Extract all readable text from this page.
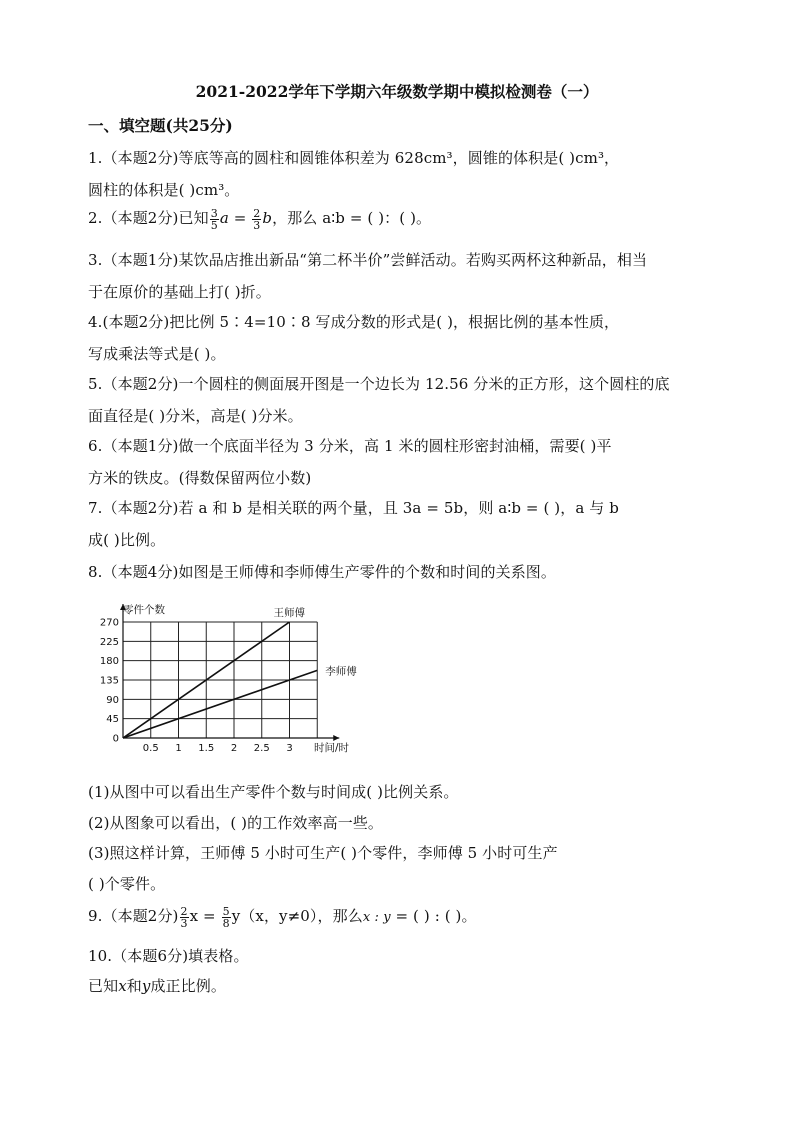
2021-2022学年下学期六年级数学期中模拟检测卷（一）
一、填空题(共25分)
1.（本题2分)等底等高的圆柱和圆锥体积差为 628cm³，圆锥的体积是( )cm³，
圆柱的体积是( )cm³。
2.（本题2分)已知 $\frac{3}{5}$ $a = \frac{2}{3}$ b，那么 a∶b = ( )：( )。
3.（本题1分)某饮品店推出新品“第二杯半价”尝鲜活动。若购买两杯这种新品，相当
于在原价的基础上打( )折。
4.(本题2分)把比例 5∶4=10∶8 写成分数的形式是( )，根据比例的基本性质，
写成乘法等式是( )。
5.（本题2分)一个圆柱的侧面展开图是一个边长为 12.56 分米的正方形，这个圆柱的底
面直径是( )分米，高是( )分米。
6.（本题1分)做一个底面半径为 3 分米，高 1 米的圆柱形密封油桶，需要( )平
方米的铁皮。(得数保留两位小数)
7.（本题2分)若 a 和 b 是相关联的两个量，且 3a = 5b，则 a∶b = ( )，a 与 b
成( )比例。
8.（本题4分)如图是王师傅和李师傅生产零件的个数和时间的关系图。
0
45
90
135
180
225
270
0.5 1 1.5 2 2.5 3
王师傅
李师傅
零件个数
时间/时
(1)从图中可以看出生产零件个数与时间成( )比例关系。
(2)从图象可以看出，( )的工作效率高一些。
(3)照这样计算，王师傅 5 小时可生产( )个零件，李师傅 5 小时可生产
( )个零件。
9.（本题2分) $\frac{2}{3}$ $x = \frac{5}{8} y(x$，y≠0），那么x : y = ( ) : ( )。
10.（本题6分)填表格。
已知x和y成正比例。
